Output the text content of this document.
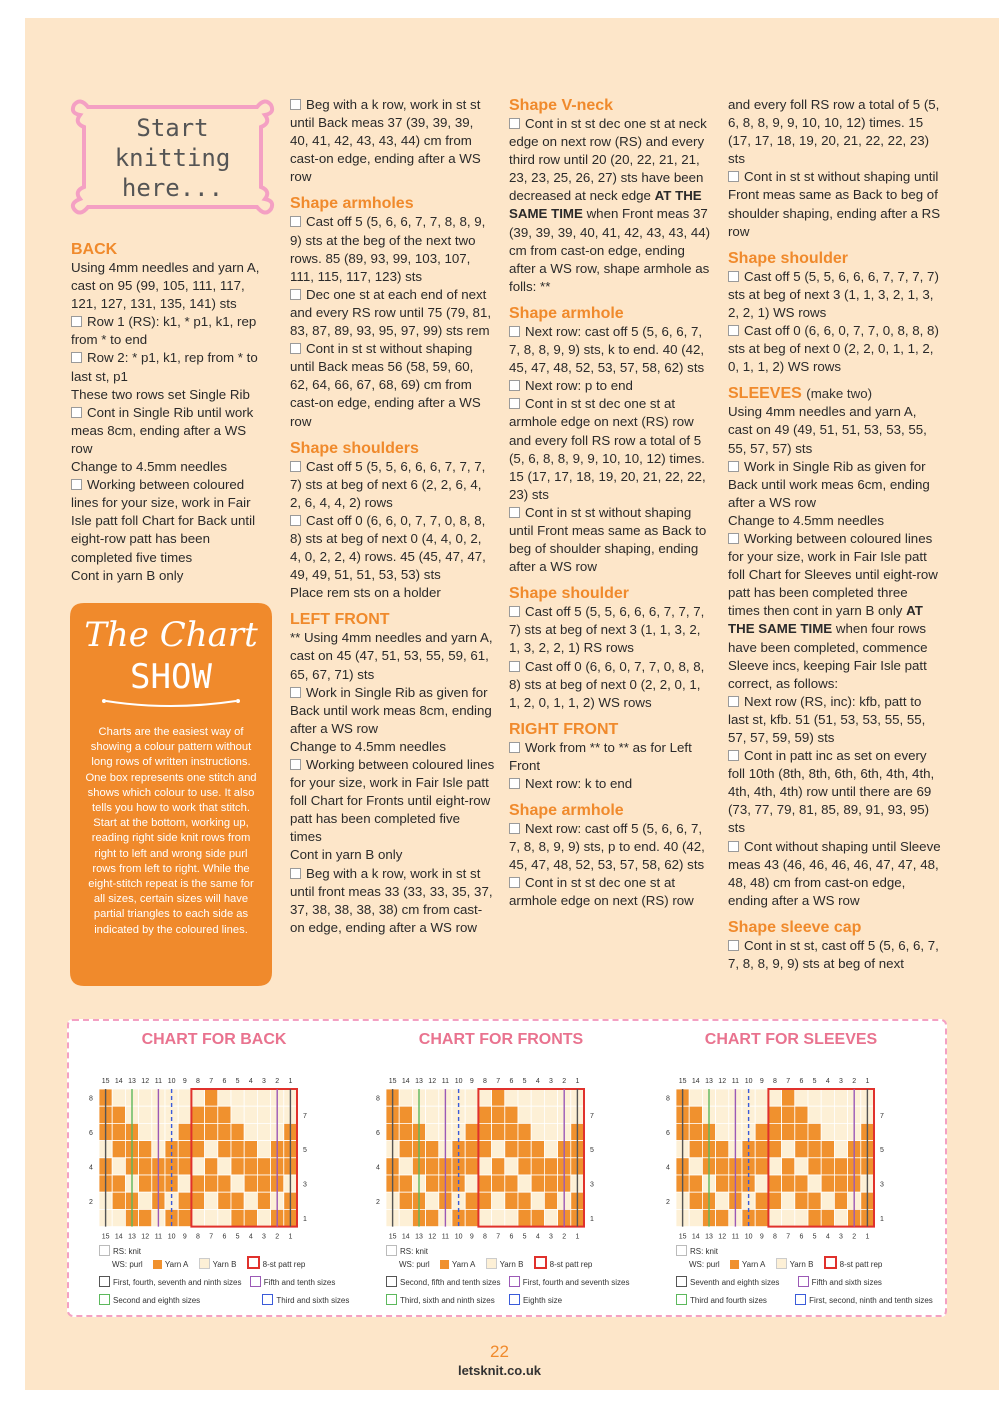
Start
knitting
here...
BACK

Using 4mm needles and yarn A, cast on 95 (99, 105, 111, 117, 121, 127, 131, 135, 141) sts

Row 1 (RS): k1, * p1, k1, rep from * to end

Row 2: * p1, k1, rep from * to last st, p1

These two rows set Single Rib

Cont in Single Rib until work meas 8cm, ending after a WS row

Change to 4.5mm needles

Working between coloured lines for your size, work in Fair Isle patt foll Chart for Back until eight-row patt has been completed five times

Cont in yarn B only

The Chart
SHOW
Charts are the easiest way of showing a colour pattern without long rows of written instructions. One box represents one stitch and shows which colour to use. It also tells you how to work that stitch. Start at the bottom, working up, reading right side knit rows from right to left and wrong side purl rows from left to right. While the eight-stitch repeat is the same for all sizes, certain sizes will have partial triangles to each side as indicated by the coloured lines.

Beg with a k row, work in st st until Back meas 37 (39, 39, 39, 40, 41, 42, 43, 43, 44) cm from cast-on edge, ending after a WS row

Shape armholes

Cast off 5 (5, 6, 6, 7, 7, 8, 8, 9, 9) sts at the beg of the next two rows. 85 (89, 93, 99, 103, 107, 111, 115, 117, 123) sts

Dec one st at each end of next and every RS row until 75 (79, 81, 83, 87, 89, 93, 95, 97, 99) sts rem

Cont in st st without shaping until Back meas 56 (58, 59, 60, 62, 64, 66, 67, 68, 69) cm from cast-on edge, ending after a WS row

Shape shoulders

Cast off 5 (5, 5, 6, 6, 6, 7, 7, 7, 7) sts at beg of next 6 (2, 2, 6, 4, 2, 6, 4, 4, 2) rows

Cast off 0 (6, 6, 0, 7, 7, 0, 8, 8, 8) sts at beg of next 0 (4, 4, 0, 2, 4, 0, 2, 2, 4) rows. 45 (45, 47, 47, 49, 49, 51, 51, 53, 53) sts

Place rem sts on a holder

LEFT FRONT

** Using 4mm needles and yarn A, cast on 45 (47, 51, 53, 55, 59, 61, 65, 67, 71) sts

Work in Single Rib as given for Back until work meas 8cm, ending after a WS row

Change to 4.5mm needles

Working between coloured lines for your size, work in Fair Isle patt foll Chart for Fronts until eight-row patt has been completed five times

Cont in yarn B only

Beg with a k row, work in st st until front meas 33 (33, 33, 35, 37, 37, 38, 38, 38, 38) cm from cast-on edge, ending after a WS row

Shape V-neck

Cont in st st dec one st at neck edge on next row (RS) and every third row until 20 (20, 22, 21, 21, 23, 23, 25, 26, 27) sts have been decreased at neck edge AT THE SAME TIME when Front meas 37 (39, 39, 39, 40, 41, 42, 43, 43, 44) cm from cast-on edge, ending after a WS row, shape armhole as folls: **

Shape armhole

Next row: cast off 5 (5, 6, 6, 7, 7, 8, 8, 9, 9) sts, k to end. 40 (42, 45, 47, 48, 52, 53, 57, 58, 62) sts

Next row: p to end

Cont in st st dec one st at armhole edge on next (RS) row and every foll RS row a total of 5 (5, 6, 8, 8, 9, 9, 10, 10, 12) times. 15 (17, 17, 18, 19, 20, 21, 22, 22, 23) sts

Cont in st st without shaping until Front meas same as Back to beg of shoulder shaping, ending after a WS row

Shape shoulder

Cast off 5 (5, 5, 6, 6, 6, 7, 7, 7, 7) sts at beg of next 3 (1, 1, 3, 2, 1, 3, 2, 2, 1) RS rows

Cast off 0 (6, 6, 0, 7, 7, 0, 8, 8, 8) sts at beg of next 0 (2, 2, 0, 1, 1, 2, 0, 1, 1, 2) WS rows

RIGHT FRONT

Work from ** to ** as for Left Front

Next row: k to end

Shape armhole

Next row: cast off 5 (5, 6, 6, 7, 7, 8, 8, 9, 9) sts, p to end. 40 (42, 45, 47, 48, 52, 53, 57, 58, 62) sts

Cont in st st dec one st at armhole edge on next (RS) row

and every foll RS row a total of 5 (5, 6, 8, 8, 9, 9, 10, 10, 12) times. 15 (17, 17, 18, 19, 20, 21, 22, 22, 23) sts

Cont in st st without shaping until Front meas same as Back to beg of shoulder shaping, ending after a RS row

Shape shoulder

Cast off 5 (5, 5, 6, 6, 6, 7, 7, 7, 7) sts at beg of next 3 (1, 1, 3, 2, 1, 3, 2, 2, 1) WS rows

Cast off 0 (6, 6, 0, 7, 7, 0, 8, 8, 8) sts at beg of next 0 (2, 2, 0, 1, 1, 2, 0, 1, 1, 2) WS rows

SLEEVES (make two)

Using 4mm needles and yarn A, cast on 49 (49, 51, 51, 53, 53, 55, 55, 57, 57) sts

Work in Single Rib as given for Back until work meas 6cm, ending after a WS row

Change to 4.5mm needles

Working between coloured lines for your size, work in Fair Isle patt foll Chart for Sleeves until eight-row patt has been completed three times then cont in yarn B only AT THE SAME TIME when four rows have been completed, commence Sleeve incs, keeping Fair Isle patt correct, as follows:

Next row (RS, inc): kfb, patt to last st, kfb. 51 (51, 53, 53, 55, 55, 57, 57, 59, 59) sts

Cont in patt inc as set on every foll 10th (8th, 8th, 6th, 6th, 4th, 4th, 4th, 4th, 4th) row until there are 69 (73, 77, 79, 81, 85, 89, 91, 93, 95) sts

Cont without shaping until Sleeve meas 43 (46, 46, 46, 46, 47, 47, 48, 48, 48) cm from cast-on edge, ending after a WS row

Shape sleeve cap

Cont in st st, cast off 5 (5, 6, 6, 7, 7, 8, 8, 9, 9) sts at beg of next

CHART FOR BACK
15
15
14
14
13
13
12
12
11
11
10
10
9
9
8
8
7
7
6
6
5
5
4
4
3
3
2
2
1
1
8
6
4
2
7
5
3
1
RS: knit
WS: purl	Yarn A	Yarn B	8-st patt rep
First, fourth, seventh and ninth sizes	Fifth and tenth sizes
Second and eighth sizes	Third and sixth sizes
CHART FOR FRONTS
15
15
14
14
13
13
12
12
11
11
10
10
9
9
8
8
7
7
6
6
5
5
4
4
3
3
2
2
1
1
8
6
4
2
7
5
3
1
RS: knit
WS: purl	Yarn A	Yarn B	8-st patt rep
Second, fifth and tenth sizes	First, fourth and seventh sizes
Third, sixth and ninth sizes	Eighth size
CHART FOR SLEEVES
15
15
14
14
13
13
12
12
11
11
10
10
9
9
8
8
7
7
6
6
5
5
4
4
3
3
2
2
1
1
8
6
4
2
7
5
3
1
RS: knit
WS: purl	Yarn A	Yarn B	8-st patt rep
Seventh and eighth sizes	Fifth and sixth sizes
Third and fourth sizes	First, second, ninth and tenth sizes
22
letsknit.co.uk
